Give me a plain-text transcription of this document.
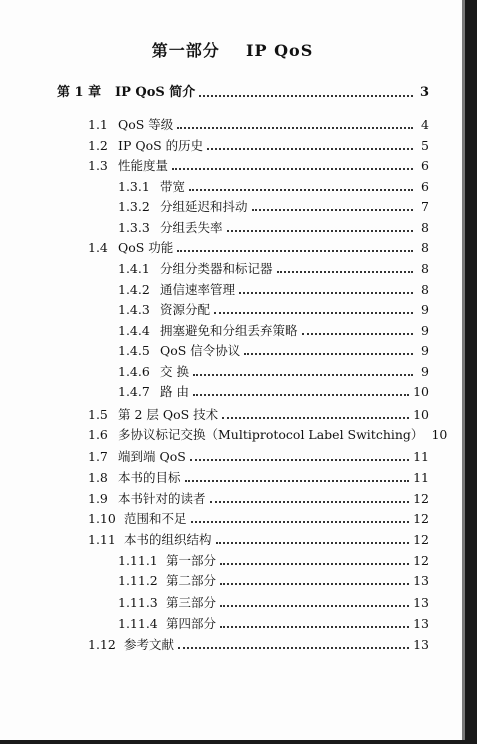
第一部分    IP QoS
第 1 章	IP QoS 简介	3
1.1 QoS 等级	4
1.2 IP QoS 的历史	5
1.3 性能度量	6
1.3.1 带宽	6
1.3.2 分组延迟和抖动	7
1.3.3 分组丢失率	8
1.4 QoS 功能	8
1.4.1 分组分类器和标记器	8
1.4.2 通信速率管理	8
1.4.3 资源分配	9
1.4.4 拥塞避免和分组丢弃策略	9
1.4.5 QoS 信令协议	9
1.4.6 交 换	9
1.4.7 路 由	10
1.5 第 2 层 QoS 技术	10
1.6 多协议标记交换（Multiprotocol Label Switching） 10
1.7 端到端 QoS	11
1.8 本书的目标	11
1.9 本书针对的读者	12
1.10 范围和不足	12
1.11 本书的组织结构	12
1.11.1 第一部分	12
1.11.2 第二部分	13
1.11.3 第三部分	13
1.11.4 第四部分	13
1.12 参考文献	13
